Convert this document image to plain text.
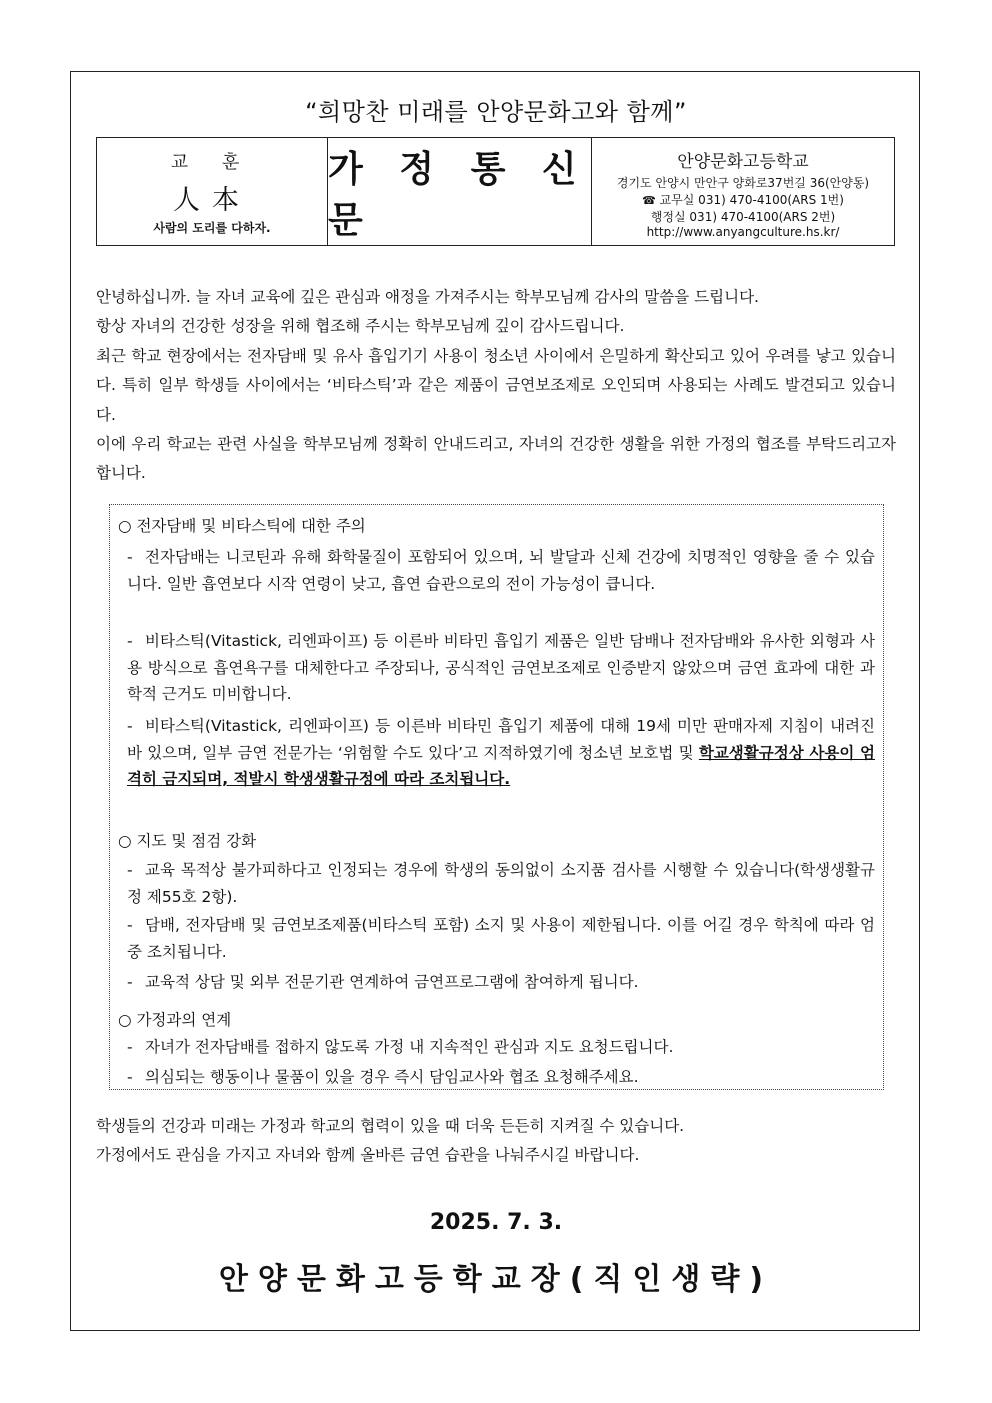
“희망찬 미래를 안양문화고와 함께”
교 훈
人本
사람의 도리를 다하자.
가 정 통 신 문
안양문화고등학교
경기도 안양시 만안구 양화로37번길 36(안양동)
☎ 교무실 031) 470-4100(ARS 1번)
행정실 031) 470-4100(ARS 2번)
http://www.anyangculture.hs.kr/

안녕하십니까. 늘 자녀 교육에 깊은 관심과 애정을 가져주시는 학부모님께 감사의 말씀을 드립니다.

항상 자녀의 건강한 성장을 위해 협조해 주시는 학부모님께 깊이 감사드립니다.

최근 학교 현장에서는 전자담배 및 유사 흡입기기 사용이 청소년 사이에서 은밀하게 확산되고 있어 우려를 낳고 있습니다. 특히 일부 학생들 사이에서는 ‘비타스틱’과 같은 제품이 금연보조제로 오인되며 사용되는 사례도 발견되고 있습니다.

이에 우리 학교는 관련 사실을 학부모님께 정확히 안내드리고, 자녀의 건강한 생활을 위한 가정의 협조를 부탁드리고자 합니다.

○ 전자담배 및 비타스틱에 대한 주의
- 전자담배는 니코틴과 유해 화학물질이 포함되어 있으며, 뇌 발달과 신체 건강에 치명적인 영향을 줄 수 있습니다. 일반 흡연보다 시작 연령이 낮고, 흡연 습관으로의 전이 가능성이 큽니다.
- 비타스틱(Vitastick, 리엔파이프) 등 이른바 비타민 흡입기 제품은 일반 담배나 전자담배와 유사한 외형과 사용 방식으로 흡연욕구를 대체한다고 주장되나, 공식적인 금연보조제로 인증받지 않았으며 금연 효과에 대한 과학적 근거도 미비합니다.
- 비타스틱(Vitastick, 리엔파이프) 등 이른바 비타민 흡입기 제품에 대해 19세 미만 판매자제 지침이 내려진 바 있으며, 일부 금연 전문가는 ‘위험할 수도 있다’고 지적하였기에 청소년 보호법 및 학교생활규정상 사용이 엄격히 금지되며, 적발시 학생생활규정에 따라 조치됩니다.
○ 지도 및 점검 강화
- 교육 목적상 불가피하다고 인정되는 경우에 학생의 동의없이 소지품 검사를 시행할 수 있습니다(학생생활규정 제55호 2항).
- 담배, 전자담배 및 금연보조제품(비타스틱 포함) 소지 및 사용이 제한됩니다. 이를 어길 경우 학칙에 따라 엄중 조치됩니다.
- 교육적 상담 및 외부 전문기관 연계하여 금연프로그램에 참여하게 됩니다.
○ 가정과의 연계
- 자녀가 전자담배를 접하지 않도록 가정 내 지속적인 관심과 지도 요청드립니다.
- 의심되는 행동이나 물품이 있을 경우 즉시 담임교사와 협조 요청해주세요.

학생들의 건강과 미래는 가정과 학교의 협력이 있을 때 더욱 든든히 지켜질 수 있습니다.

가정에서도 관심을 가지고 자녀와 함께 올바른 금연 습관을 나눠주시길 바랍니다.

2025. 7. 3.
안양문화고등학교장(직인생략)
